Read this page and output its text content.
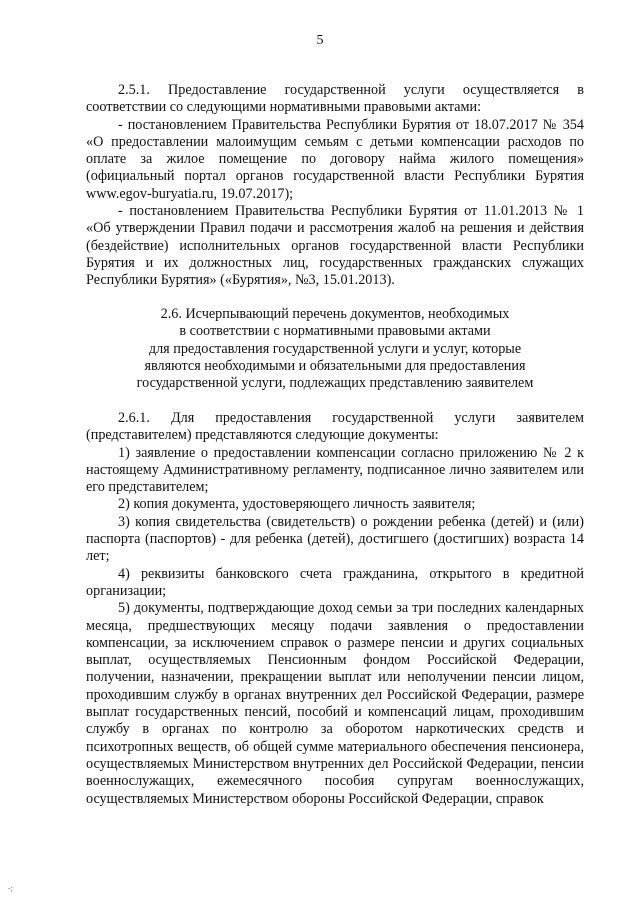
5

2.5.1. Предоставление государственной услуги осуществляется в соответствии со следующими нормативными правовыми актами:

- постановлением Правительства Республики Бурятия от 18.07.2017 № 354 «О предоставлении малоимущим семьям с детьми компенсации расходов по оплате за жилое помещение по договору найма жилого помещения» (официальный портал органов государственной власти Республики Бурятия www.egov-buryatia.ru, 19.07.2017);

- постановлением Правительства Республики Бурятия от 11.01.2013 № 1 «Об утверждении Правил подачи и рассмотрения жалоб на решения и действия (бездействие) исполнительных органов государственной власти Республики Бурятия и их должностных лиц, государственных гражданских служащих Республики Бурятия» («Бурятия», №3, 15.01.2013).

2.6. Исчерпывающий перечень документов, необходимых
в соответствии с нормативными правовыми актами
для предоставления государственной услуги и услуг, которые
являются необходимыми и обязательными для предоставления
государственной услуги, подлежащих представлению заявителем

2.6.1. Для предоставления государственной услуги заявителем (представителем) представляются следующие документы:

1) заявление о предоставлении компенсации согласно приложению № 2 к настоящему Административному регламенту, подписанное лично заявителем или его представителем;

2) копия документа, удостоверяющего личность заявителя;

3) копия свидетельства (свидетельств) о рождении ребенка (детей) и (или) паспорта (паспортов) - для ребенка (детей), достигшего (достигших) возраста 14 лет;

4) реквизиты банковского счета гражданина, открытого в кредитной организации;

5) документы, подтверждающие доход семьи за три последних календарных месяца, предшествующих месяцу подачи заявления о предоставлении компенсации, за исключением справок о размере пенсии и других социальных выплат, осуществляемых Пенсионным фондом Российской Федерации, получении, назначении, прекращении выплат или неполучении пенсии лицом, проходившим службу в органах внутренних дел Российской Федерации, размере выплат государственных пенсий, пособий и компенсаций лицам, проходившим службу в органах по контролю за оборотом наркотических средств и психотропных веществ, об общей сумме материального обеспечения пенсионера, осуществляемых Министерством внутренних дел Российской Федерации, пенсии военнослужащих, ежемесячного пособия супругам военнослужащих, осуществляемых Министерством обороны Российской Федерации, справок

-;
